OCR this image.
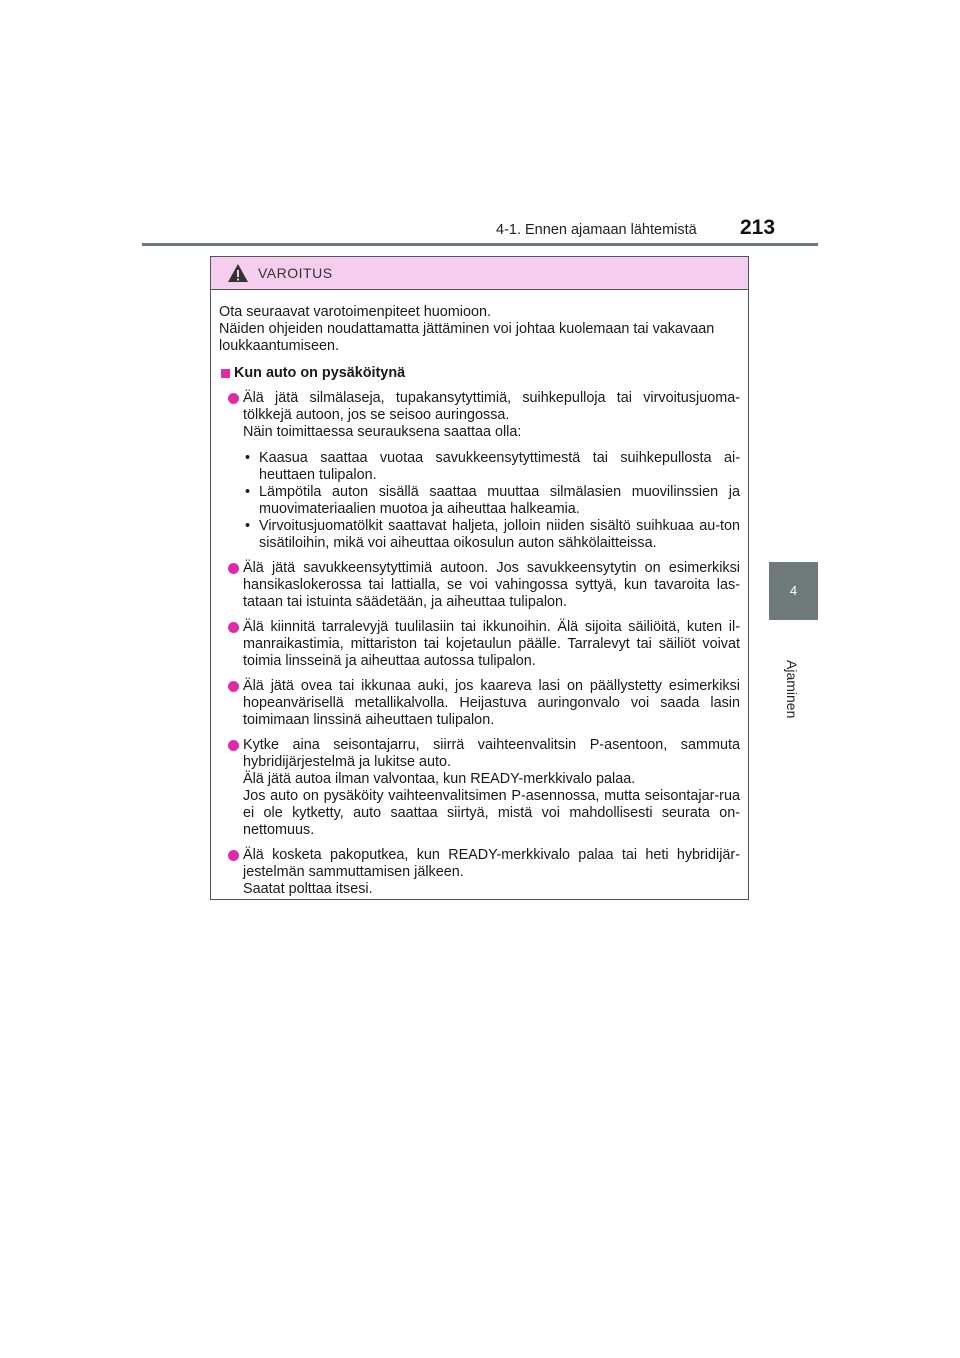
4-1. Ennen ajamaan lähtemistä 213
4
Ajaminen
VAROITUS

Ota seuraavat varotoimenpiteet huomioon.

Näiden ohjeiden noudattamatta jättäminen voi johtaa kuolemaan tai vakavaan loukkaantumiseen.

Kun auto on pysäköitynä

Älä jätä silmälaseja, tupakansytyttimiä, suihkepulloja tai virvoitusjuoma-tölkkejä autoon, jos se seisoo auringossa.

Näin toimittaessa seurauksena saattaa olla:

• Kaasua saattaa vuotaa savukkeensytyttimestä tai suihkepullosta ai-heuttaen tulipalon.
• Lämpötila auton sisällä saattaa muuttaa silmälasien muovilinssien ja muovimateriaalien muotoa ja aiheuttaa halkeamia.
• Virvoitusjuomatölkit saattavat haljeta, jolloin niiden sisältö suihkuaa au-ton sisätiloihin, mikä voi aiheuttaa oikosulun auton sähkölaitteissa.

Älä jätä savukkeensytyttimiä autoon. Jos savukkeensytytin on esimerkiksi hansikaslokerossa tai lattialla, se voi vahingossa syttyä, kun tavaroita las-tataan tai istuinta säädetään, ja aiheuttaa tulipalon.

Älä kiinnitä tarralevyjä tuulilasiin tai ikkunoihin. Älä sijoita säiliöitä, kuten il-manraikastimia, mittariston tai kojetaulun päälle. Tarralevyt tai säiliöt voivat toimia linsseinä ja aiheuttaa autossa tulipalon.

Älä jätä ovea tai ikkunaa auki, jos kaareva lasi on päällystetty esimerkiksi hopeanvärisellä metallikalvolla. Heijastuva auringonvalo voi saada lasin toimimaan linssinä aiheuttaen tulipalon.

Kytke aina seisontajarru, siirrä vaihteenvalitsin P-asentoon, sammuta hybridijärjestelmä ja lukitse auto.

Älä jätä autoa ilman valvontaa, kun READY-merkkivalo palaa.

Jos auto on pysäköity vaihteenvalitsimen P-asennossa, mutta seisontajar-rua ei ole kytketty, auto saattaa siirtyä, mistä voi mahdollisesti seurata on-nettomuus.

Älä kosketa pakoputkea, kun READY-merkkivalo palaa tai heti hybridijär-jestelmän sammuttamisen jälkeen.

Saatat polttaa itsesi.
